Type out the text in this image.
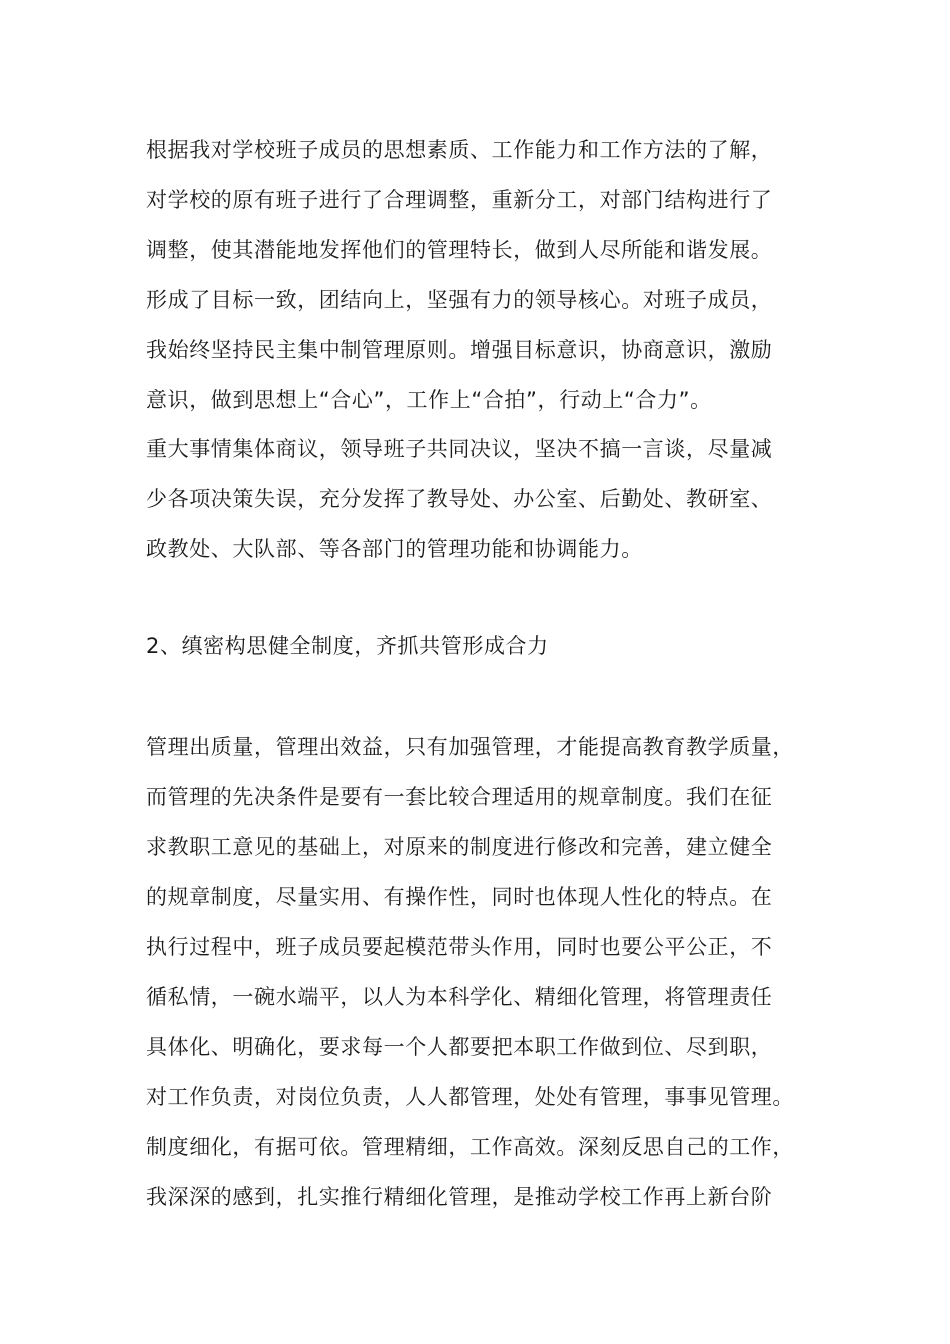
根据我对学校班子成员的思想素质、工作能力和工作方法的了解，
对学校的原有班子进行了合理调整，重新分工，对部门结构进行了
调整，使其潜能地发挥他们的管理特长，做到人尽所能和谐发展。
形成了目标一致，团结向上，坚强有力的领导核心。对班子成员，
我始终坚持民主集中制管理原则。增强目标意识，协商意识，激励
意识，做到思想上“合心”，工作上“合拍”，行动上“合力”。
重大事情集体商议，领导班子共同决议，坚决不搞一言谈，尽量减
少各项决策失误，充分发挥了教导处、办公室、后勤处、教研室、
政教处、大队部、等各部门的管理功能和协调能力。
2、缜密构思健全制度，齐抓共管形成合力
管理出质量，管理出效益，只有加强管理，才能提高教育教学质量，
而管理的先决条件是要有一套比较合理适用的规章制度。我们在征
求教职工意见的基础上，对原来的制度进行修改和完善，建立健全
的规章制度，尽量实用、有操作性，同时也体现人性化的特点。在
执行过程中，班子成员要起模范带头作用，同时也要公平公正，不
循私情，一碗水端平，以人为本科学化、精细化管理，将管理责任
具体化、明确化，要求每一个人都要把本职工作做到位、尽到职，
对工作负责，对岗位负责，人人都管理，处处有管理，事事见管理。
制度细化，有据可依。管理精细，工作高效。深刻反思自己的工作，
我深深的感到，扎实推行精细化管理，是推动学校工作再上新台阶
